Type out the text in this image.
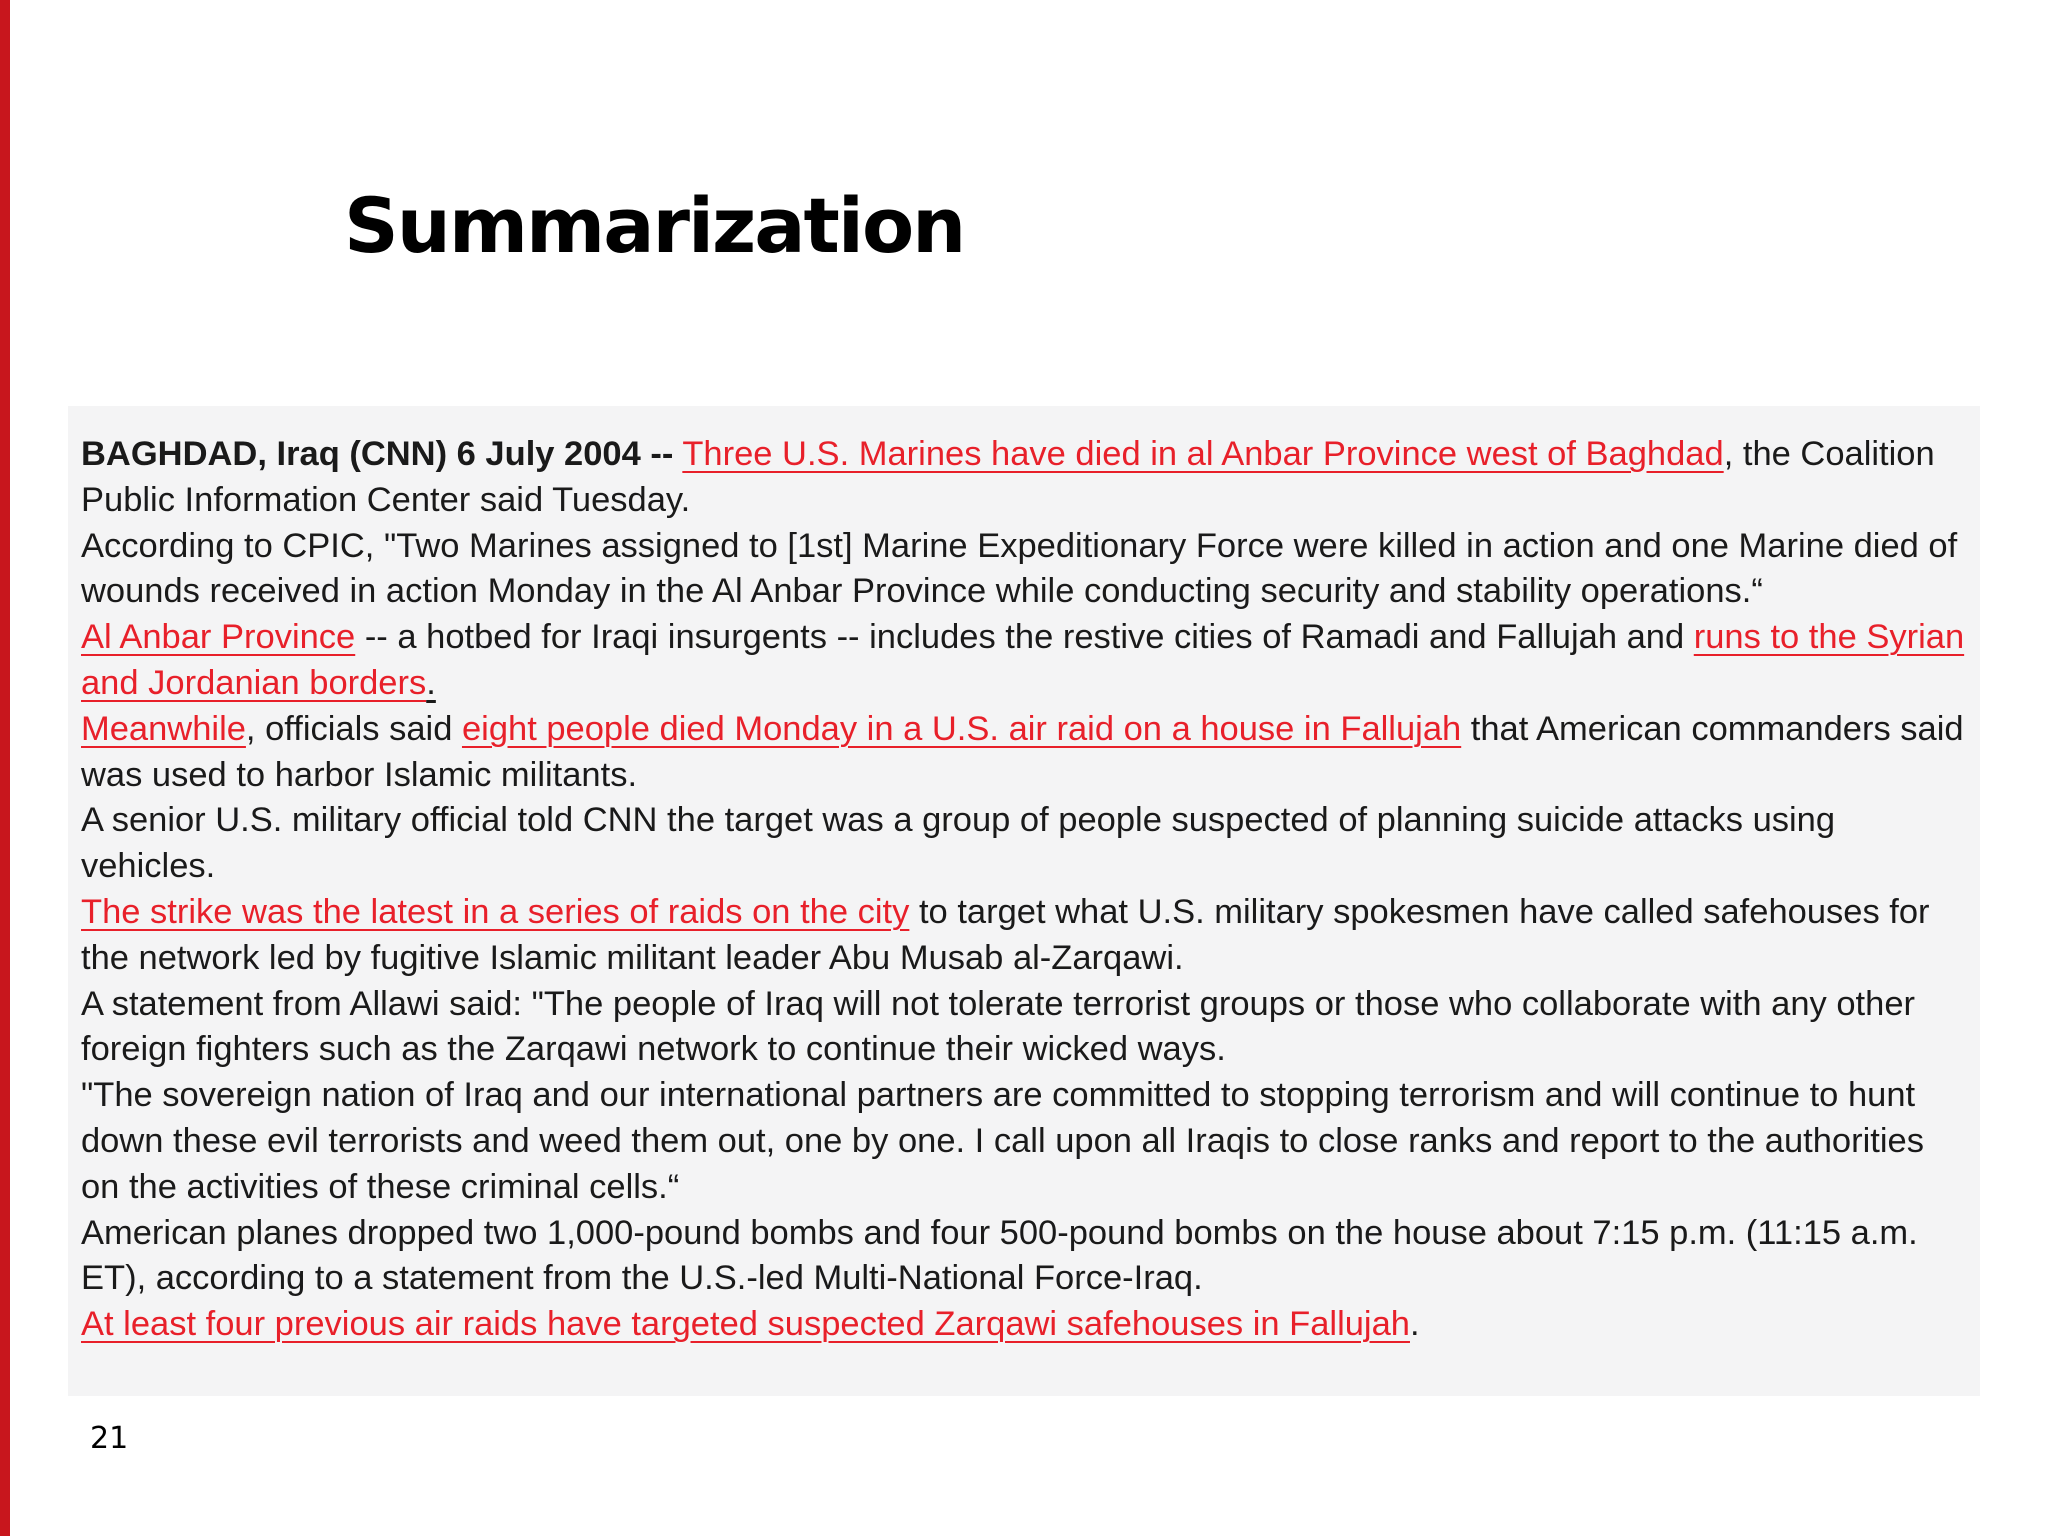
Summarization

BAGHDAD, Iraq (CNN) 6 July 2004 -- Three U.S. Marines have died in al Anbar Province west of Baghdad, the Coalition Public Information Center said Tuesday.

According to CPIC, "Two Marines assigned to [1st] Marine Expeditionary Force were killed in action and one Marine died of wounds received in action Monday in the Al Anbar Province while conducting security and stability operations.“

Al Anbar Province -- a hotbed for Iraqi insurgents -- includes the restive cities of Ramadi and Fallujah and runs to the Syrian and Jordanian borders.

Meanwhile, officials said eight people died Monday in a U.S. air raid on a house in Fallujah that American commanders said was used to harbor Islamic militants.

A senior U.S. military official told CNN the target was a group of people suspected of planning suicide attacks using vehicles.

The strike was the latest in a series of raids on the city to target what U.S. military spokesmen have called safehouses for the network led by fugitive Islamic militant leader Abu Musab al-Zarqawi.

A statement from Allawi said: "The people of Iraq will not tolerate terrorist groups or those who collaborate with any other foreign fighters such as the Zarqawi network to continue their wicked ways.

"The sovereign nation of Iraq and our international partners are committed to stopping terrorism and will continue to hunt down these evil terrorists and weed them out, one by one. I call upon all Iraqis to close ranks and report to the authorities on the activities of these criminal cells.“

American planes dropped two 1,000-pound bombs and four 500-pound bombs on the house about 7:15 p.m. (11:15 a.m. ET), according to a statement from the U.S.-led Multi-National Force-Iraq.

At least four previous air raids have targeted suspected Zarqawi safehouses in Fallujah.

21
